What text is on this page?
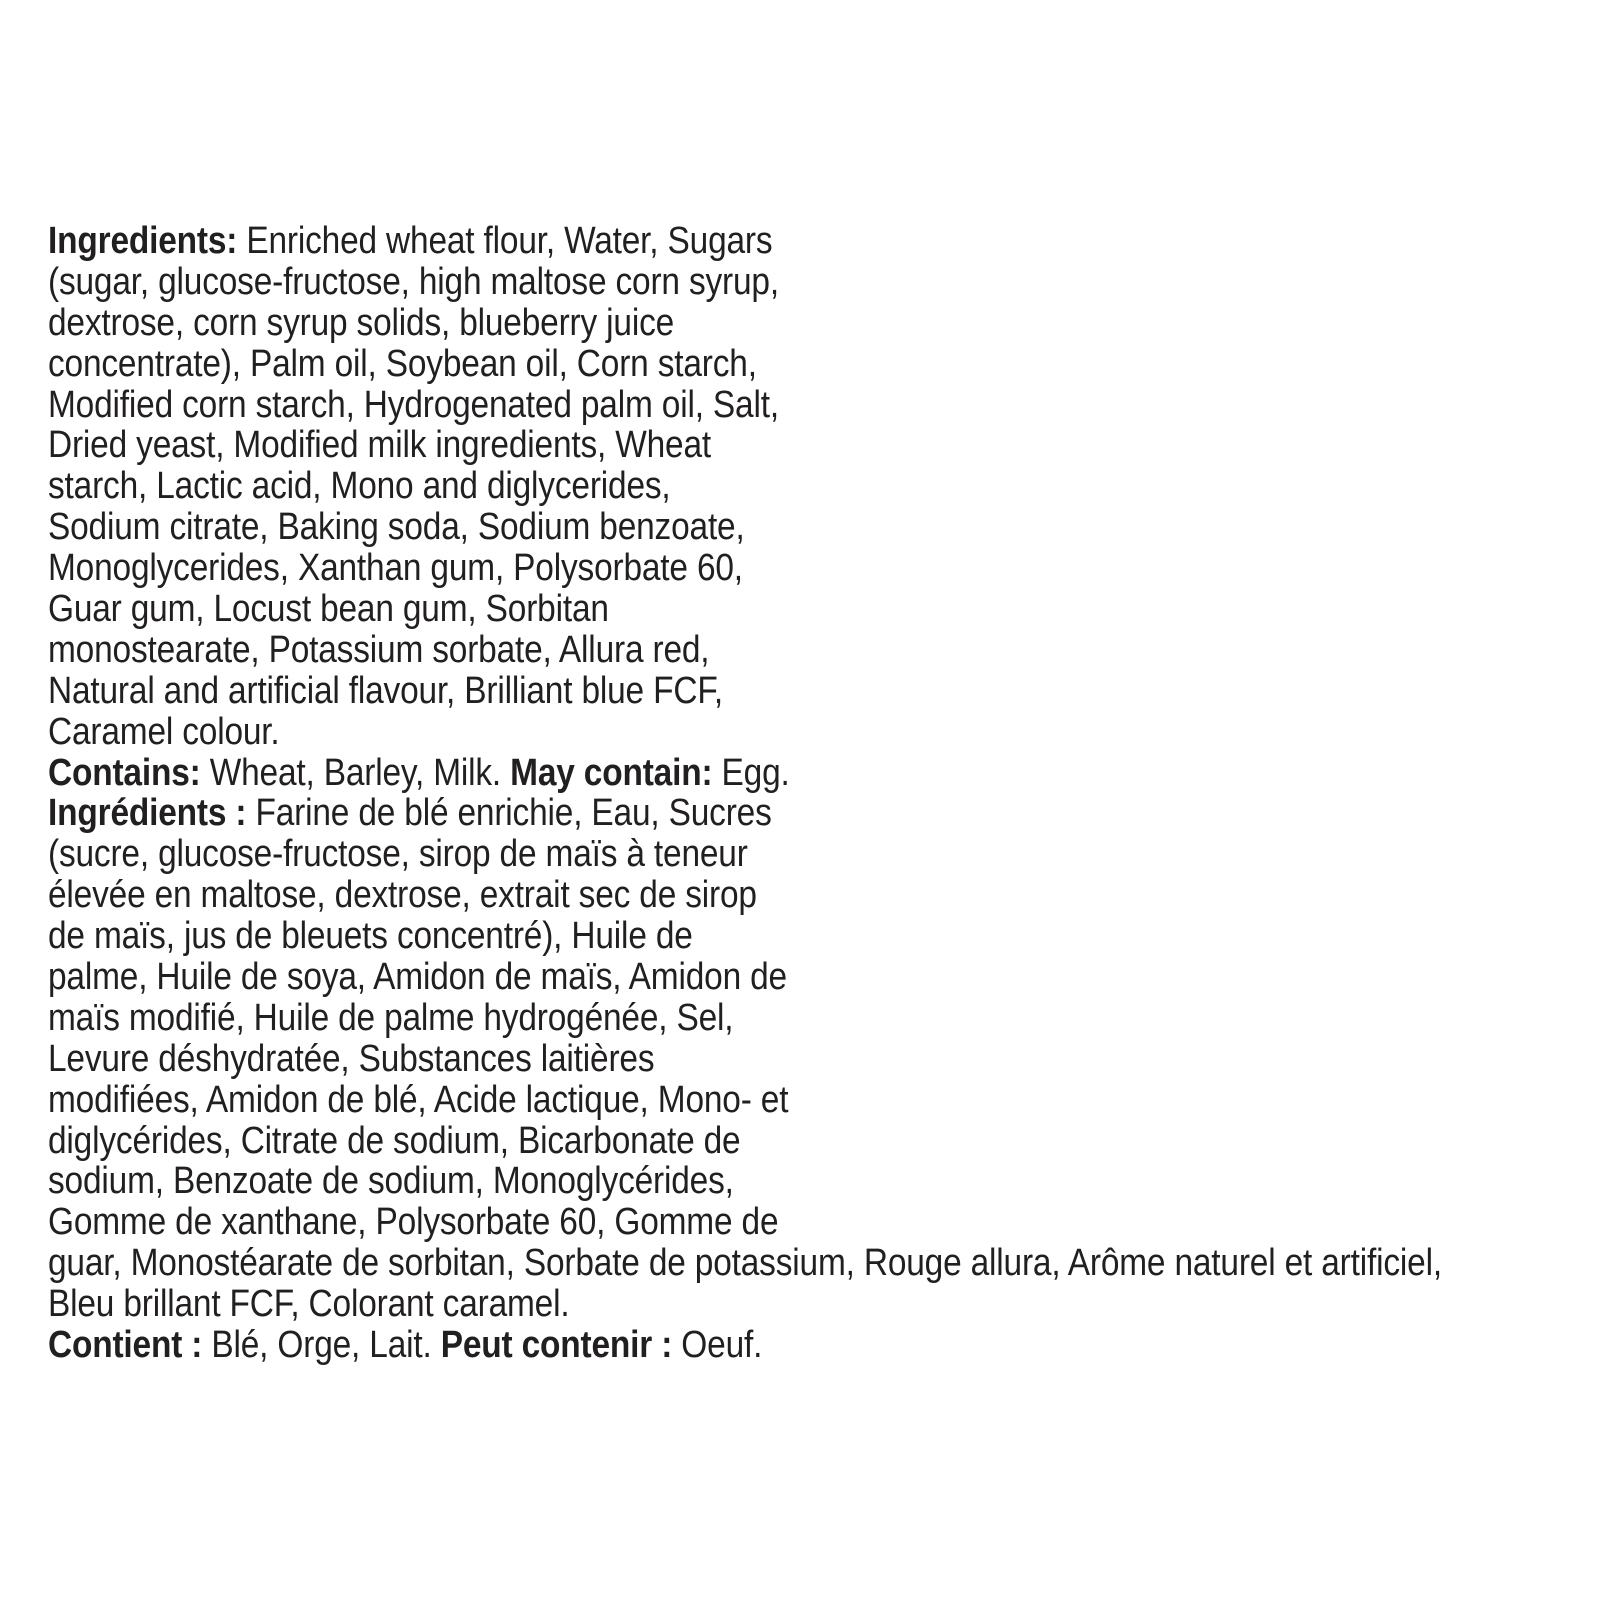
Ingredients: Enriched wheat flour, Water, Sugars
(sugar, glucose-fructose, high maltose corn syrup,
dextrose, corn syrup solids, blueberry juice
concentrate), Palm oil, Soybean oil, Corn starch,
Modified corn starch, Hydrogenated palm oil, Salt,
Dried yeast, Modified milk ingredients, Wheat
starch, Lactic acid, Mono and diglycerides,
Sodium citrate, Baking soda, Sodium benzoate,
Monoglycerides, Xanthan gum, Polysorbate 60,
Guar gum, Locust bean gum, Sorbitan
monostearate, Potassium sorbate, Allura red,
Natural and artificial flavour, Brilliant blue FCF,
Caramel colour.
Contains: Wheat, Barley, Milk. May contain: Egg.
Ingrédients : Farine de blé enrichie, Eau, Sucres
(sucre, glucose-fructose, sirop de maïs à teneur
élevée en maltose, dextrose, extrait sec de sirop
de maïs, jus de bleuets concentré), Huile de
palme, Huile de soya, Amidon de maïs, Amidon de
maïs modifié, Huile de palme hydrogénée, Sel,
Levure déshydratée, Substances laitières
modifiées, Amidon de blé, Acide lactique, Mono- et
diglycérides, Citrate de sodium, Bicarbonate de
sodium, Benzoate de sodium, Monoglycérides,
Gomme de xanthane, Polysorbate 60, Gomme de
guar, Monostéarate de sorbitan, Sorbate de potassium, Rouge allura, Arôme naturel et artificiel,
Bleu brillant FCF, Colorant caramel.
Contient : Blé, Orge, Lait. Peut contenir : Oeuf.
